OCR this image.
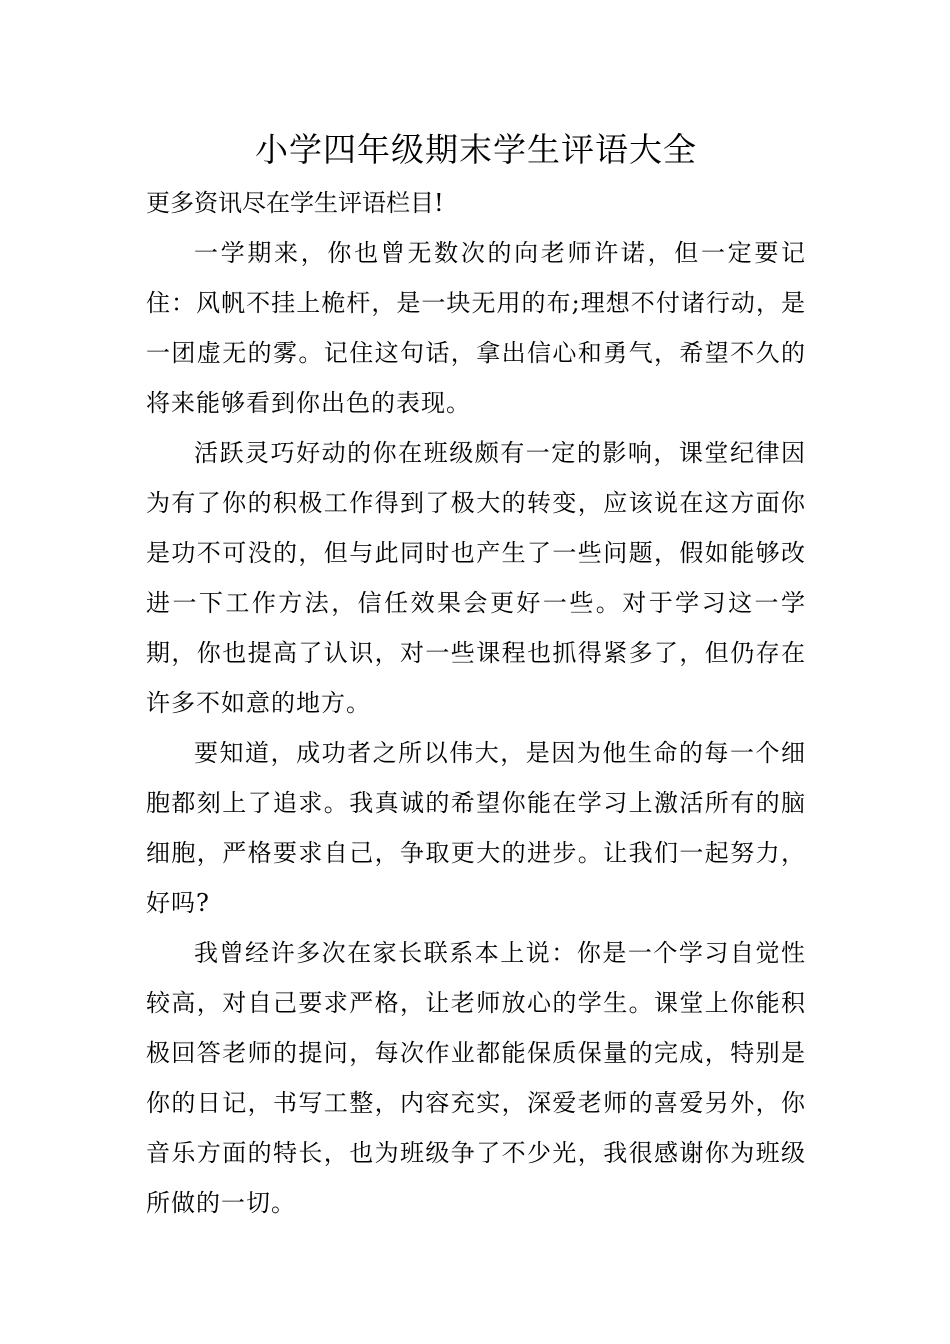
小学四年级期末学生评语大全

更多资讯尽在学生评语栏目!

一学期来，你也曾无数次的向老师许诺，但一定要记住：风帆不挂上桅杆，是一块无用的布;理想不付诸行动，是一团虚无的雾。记住这句话，拿出信心和勇气，希望不久的将来能够看到你出色的表现。

活跃灵巧好动的你在班级颇有一定的影响，课堂纪律因为有了你的积极工作得到了极大的转变，应该说在这方面你是功不可没的，但与此同时也产生了一些问题，假如能够改进一下工作方法，信任效果会更好一些。对于学习这一学期，你也提高了认识，对一些课程也抓得紧多了，但仍存在许多不如意的地方。

要知道，成功者之所以伟大，是因为他生命的每一个细胞都刻上了追求。我真诚的希望你能在学习上激活所有的脑细胞，严格要求自己，争取更大的进步。让我们一起努力，好吗?

我曾经许多次在家长联系本上说：你是一个学习自觉性较高，对自己要求严格，让老师放心的学生。课堂上你能积极回答老师的提问，每次作业都能保质保量的完成，特别是你的日记，书写工整，内容充实，深爱老师的喜爱另外，你音乐方面的特长，也为班级争了不少光，我很感谢你为班级所做的一切。
